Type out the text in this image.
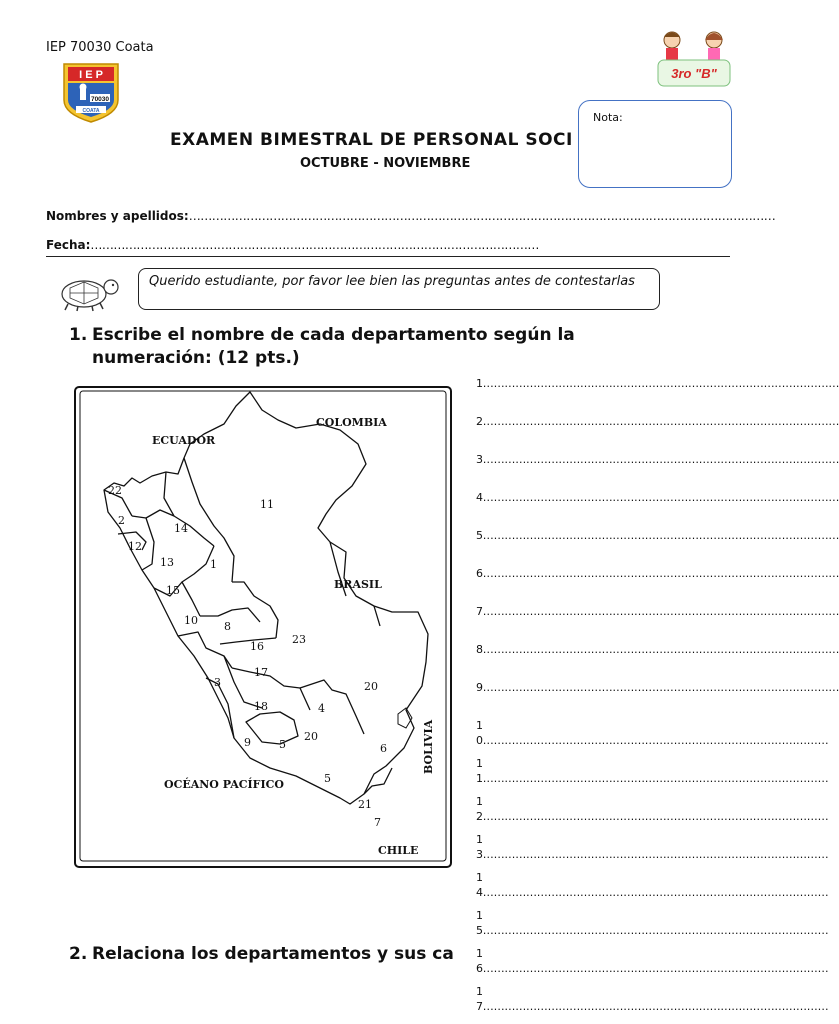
IEP 70030 Coata
I E P
70030
COATA
3ro "B"
EXAMEN BIMESTRAL DE PERSONAL SOCI
OCTUBRE - NOVIEMBRE
Nota:
Nombres y apellidos:………………………………………………………………………………………………………………………………………
Fecha:………………………………………………………………………………………………………
Querido estudiante, por favor lee bien las preguntas antes de contestarlas
1. Escribe el nombre de cada departamento según la numeración: (12 pts.)
ECUADOR
COLOMBIA
BRASIL
OCÉANO PACÍFICO
CHILE
BOLIVIA
22
2
12
14
13	1
11
15
10 8
16
23
17
3	20
18	4
9	5
20
6
5
21
7
1………………………………………………………………………………………
2………………………………………………………………………………………
3………………………………………………………………………………………
4………………………………………………………………………………………
5………………………………………………………………………………………
6………………………………………………………………………………………
7………………………………………………………………………………………
8………………………………………………………………………………………
9………………………………………………………………………………………
10……………………………………………………………………………………
11……………………………………………………………………………………
12……………………………………………………………………………………
13……………………………………………………………………………………
14……………………………………………………………………………………
15……………………………………………………………………………………
16……………………………………………………………………………………
17……………………………………………………………………………………
2. Relaciona los departamentos y sus ca
